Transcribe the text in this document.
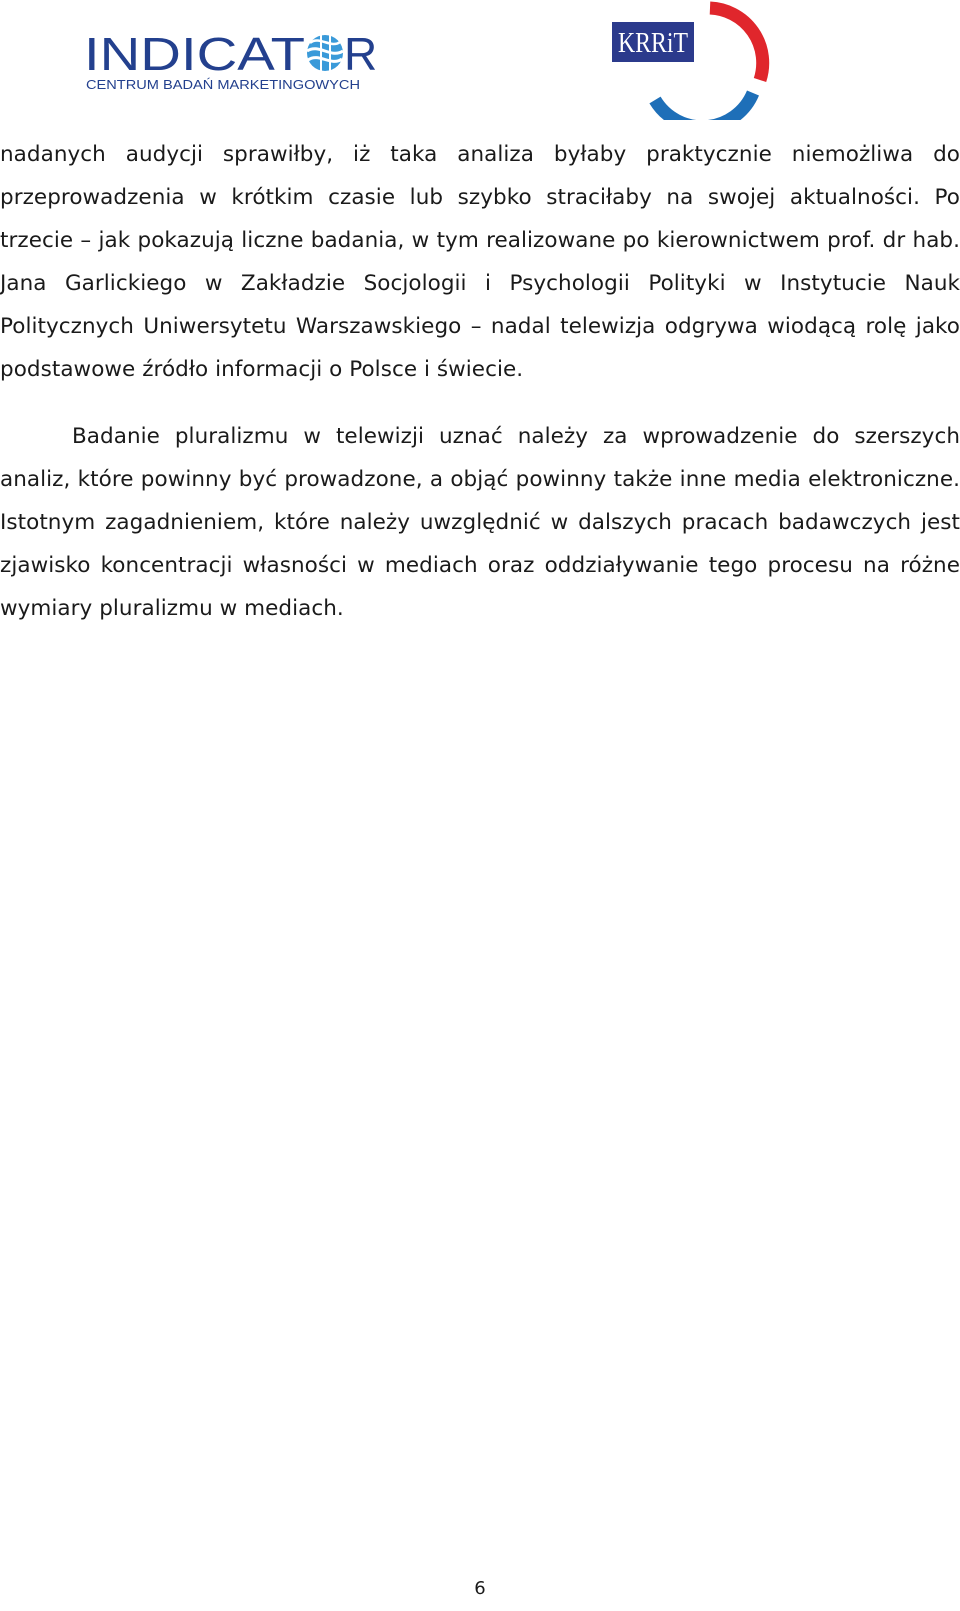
INDICAT R
CENTRUM BADAŃ MARKETINGOWYCH
KRRiT

nadanych audycji sprawiłby, iż taka analiza byłaby praktycznie niemożliwa do przeprowadzenia w krótkim czasie lub szybko straciłaby na swojej aktualności. Po trzecie – jak pokazują liczne badania, w tym realizowane po kierownictwem prof. dr hab. Jana Garlickiego w Zakładzie Socjologii i Psychologii Polityki w Instytucie Nauk Politycznych Uniwersytetu Warszawskiego – nadal telewizja odgrywa wiodącą rolę jako podstawowe źródło informacji o Polsce i świecie.

Badanie pluralizmu w telewizji uznać należy za wprowadzenie do szerszych analiz, które powinny być prowadzone, a objąć powinny także inne media elektroniczne. Istotnym zagadnieniem, które należy uwzględnić w dalszych pracach badawczych jest zjawisko koncentracji własności w mediach oraz oddziaływanie tego procesu na różne wymiary pluralizmu w mediach.

6
